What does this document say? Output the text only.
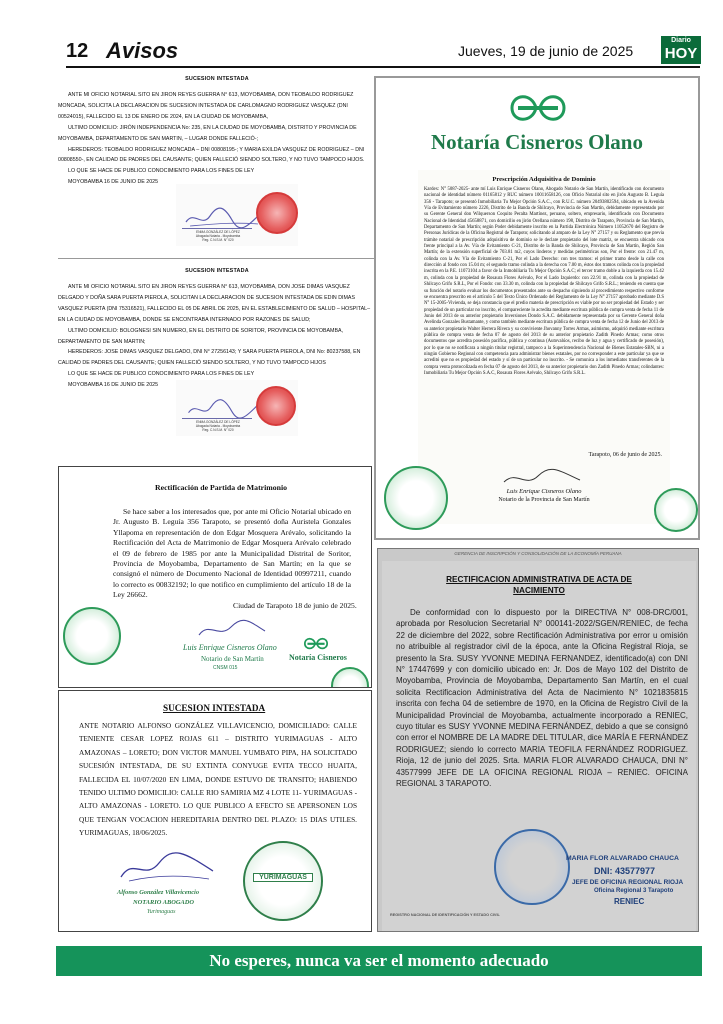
12 Avisos	Jueves, 19 de junio de 2025
Diario
HOY
SUCESION INTESTADA

ANTE MI OFICIO NOTARIAL SITO EN JIRON REYES GUERRA N° 613, MOYOBAMBA, DON TEOBALDO RODRIGUEZ MONCADA, SOLICITA LA DECLARACION DE SUCESION INTESTADA DE CARLOMAGNO RODRIGUEZ VASQUEZ (DNI 00524015), FALLECIDO EL 13 DE ENERO DE 2024, EN LA CIUDAD DE MOYOBAMBA,

ULTIMO DOMICILIO: JIRÓN INDEPENDENCIA No: 235, EN LA CIUDAD DE MOYOBAMBA, DISTRITO Y PROVINCIA DE MOYOBAMBA, DEPARTAMENTO DE SAN MARTIN, – LUGAR DONDE FALLECIÓ-;

HEREDEROS: TEOBALDO RODRIGUEZ MONCADA – DNI 00808195-; Y MARIA EXILDA VASQUEZ DE RODRIGUEZ – DNI 00808550-, EN CALIDAD DE PADRES DEL CAUSANTE; QUIEN FALLECIÓ SIENDO SOLTERO, Y NO TUVO TAMPOCO HIJOS.

LO QUE SE HACE DE PUBLICO CONOCIMIENTO PARA LOS FINES DE LEY

MOYOBAMBA 16 DE JUNIO DE 2025

ENMA GONZÁLEZ DE LÓPEZ
Abogada Notaria - Moyobamba
Reg. C.N.S.M. N° 020
SUCESION INTESTADA

ANTE MI OFICIO NOTARIAL SITO EN JIRON REYES GUERRA N° 613, MOYOBAMBA, DON JOSE DIMAS VASQUEZ DELGADO Y DOÑA SARA PUERTA PIEROLA, SOLICITAN LA DECLARACION DE SUCESION INTESTADA DE EDIN DIMAS VASQUEZ PUERTA (DNI 75316521), FALLECIDO EL 05 DE ABRIL DE 2025, EN EL ESTABLECIMIENTO DE SALUD – HOSPITAL– EN LA CIUDAD DE MOYOBAMBA, DONDE SE ENCONTRABA INTERNADO POR RAZONES DE SALUD;

ULTIMO DOMICILIO: BOLOGNESI SIN NUMERO, EN EL DISTRITO DE SORITOR, PROVINCIA DE MOYOBAMBA, DEPARTAMENTO DE SAN MARTIN;

HEREDEROS: JOSE DIMAS VASQUEZ DELGADO, DNI N° 27256143; Y SARA PUERTA PIEROLA, DNI No: 80237588, EN CALIDAD DE PADRES DEL CAUSANTE; QUIEN FALLECIÓ SIENDO SOLTERO, Y NO TUVO TAMPOCO HIJOS

LO QUE SE HACE DE PUBLICO CONOCIMIENTO PARA LOS FINES DE LEY

MOYOBAMBA 16 DE JUNIO DE 2025

ENMA GONZÁLEZ DE LÓPEZ
Abogada Notaria - Moyobamba
Reg. C.N.S.M. N° 020
Notaría Cisneros Olano
Prescripción Adquisitiva de Dominio
Kardex: N° 5087-2025- ante mí Luis Enrique Cisneros Olano, Abogado Notario de San Martín, identificado con documento nacional de identidad número 01165812 y RUC número 10011658126, con Oficio Notarial sito en jirón Augusto B. Leguía 356 - Tarapoto; se presentó Inmobiliaria Tu Mejor Opción S.A.C., con R.U.C. número 20493802594, ubicado en la Avenida Vía de Evitamiento número 2226, Distrito de la Banda de Shilcayo, Provincia de San Martín, debidamente representado por su Gerente General don Wilquerson Coquito Peralta Martínez, peruano, soltero, empresario, identificado con Documento Nacional de Identidad 45658871, con domicilio en jirón Orellana número 198, Distrito de Tarapoto, Provincia de San Martín, Departamento de San Martín; según Poder debidamente inscrito en la Partida Electrónica Número 11052670 del Registro de Personas Jurídicas de la Oficina Registral de Tarapoto; solicitando al amparo de la Ley N° 27157 y su Reglamento que previa trámite notarial de prescripción adquisitiva de dominio se le declare propietario del lote matriz, se encuentra ubicado con frente principal a la Av. Vía de Evitamiento C-21, Distrito de la Banda de Shilcayo, Provincia de San Martín, Región San Martín; de la extensión superficial de 703.81 m2, cuyos linderos y medidas perimétricas son, Por el frente: con 21.47 m, colinda con la Av. Vía de Evitamiento C-21, Por el Lado Derecho: con tres tramos: el primer tramo desde la calle con dirección al fondo con 15.04 m; el segundo tramo colinda a la derecha con 7.00 m, éstos dos tramos colinda con la propiedad inscrita en la P.E. 11073104 a favor de la Inmobiliaria Tu Mejor Opción S.A.C; el tercer tramo doble a la izquierda con 15.42 m, colinda con la propiedad de Rosaura Flores Arévalo, Por el Lado Izquierdo: con 22.91 m, colinda con la propiedad de Shilcayo Grifo S.R.L, Por el Fondo: con 33.30 m, colinda con la propiedad de Shilcayo Grifo S.R.L.; teniendo en cuenta que su función del notario evaluar los documentos presentados ante su despacho siguiendo al procedimiento respectivo conforme se encuentra prescrito en el artículo 5 del Texto Único Ordenado del Reglamento de la Ley N° 27157 aprobado mediante D.S N° 15-2005-Vivienda, se deja constancia que el predio materia de prescripción es viable por no ser propiedad del Estado y ser propiedad de un particular no inscrito, el compareciente lo acredita mediante escritura pública de compra venta de fecha 11 de Junio del 2013 de su anterior propietario Inversiones Dondo S.A.C. debidamente representada por su Gerente General doña Avelinda Gonzales Bustamante, y como también mediante escritura pública de compra venta de fecha 12 de Junio del 2013 de su anterior propietario Walter Herrera Rivera y su conviviente Jhovanny Torres Armas, asimismo, adquirió mediante escritura pública de compra venta de fecha 07 de agosto del 2013 de su anterior propietario Zadith Pinedo Armas; como otros documentos que acredita posesión pacífica, pública y continua (Autovalúos, recibo de luz y agua y certificado de posesión), por lo que no se notificara a ningún titular registral, tampoco a la Superintendencia Nacional de Bienes Estatales-SBN, ni a ningún Gobierno Regional con competencia para administrar bienes estatales, por no corresponder a este particular ya que se acreditó que no es propiedad del estado y sí de un particular no inscrito. - Se comunica a los inmediatos transferentes de la compra venta protocolizada en fecha 07 de agosto del 2013, de su anterior propietario don Zadith Pinedo Armas; colindantes: Inmobiliaria Tu Mejor Opción S.A.C, Rosaura Flores Arévalo, Shilcayo Grifo S.R.L.
Tarapoto, 06 de junio de 2025.
Luis Enrique Cisneros Olano
Notario de la Provincia de San Martín
Rectificación de Partida de Matrimonio
Se hace saber a los interesados que, por ante mi Oficio Notarial ubicado en Jr. Augusto B. Leguía 356 Tarapoto, se presentó doña Auristela Gonzales Yllapoma en representación de don Edgar Mosquera Arévalo, solicitando la Rectificación del Acta de Matrimonio de Edgar Mosquera Arévalo celebrado el 09 de febrero de 1985 por ante la Municipalidad Distrital de Soritor, Provincia de Moyobamba, Departamento de San Martín; en la que se consignó el número de Documento Nacional de Identidad 00997211, cuando lo correcto es 00832192; lo que notifico en cumplimiento del artículo 18 de la Ley 26662.
Ciudad de Tarapoto 18 de junio de 2025.
Luis Enrique Cisneros Olano
Notario de San Martín
CNSM 015
Notaría Cisneros
SUCESION INTESTADA
ANTE NOTARIO ALFONSO GONZÁLEZ VILLAVICENCIO, DOMICILIADO: CALLE TENIENTE CESAR LOPEZ ROJAS 611 – DISTRITO YURIMAGUAS - ALTO AMAZONAS – LORETO; DON VICTOR MANUEL YUMBATO PIPA, HA SOLICITADO SUCESIÓN INTESTADA, DE SU EXTINTA CONYUGE EVITA TECCO HUAITA, FALLECIDA EL 10/07/2020 EN LIMA, DONDE ESTUVO DE TRANSITO; HABIENDO TENIDO ULTIMO DOMICILIO: CALLE RIO SAMIRIA MZ 4 LOTE 11- YURIMAGUAS - ALTO AMAZONAS - LORETO. LO QUE PUBLICO A EFECTO SE APERSONEN LOS QUE TENGAN VOCACION HEREDITARIA DENTRO DEL PLAZO: 15 DIAS UTILES. YURIMAGUAS, 18/06/2025.
Alfonso González Villavicencio
NOTARIO ABOGADO
Yurimaguas
YURIMAGUAS
GERENCIA DE INSCRIPCIÓN Y CONSOLIDACIÓN DE LA ECONOMÍA PERUANA
RECTIFICACION ADMINISTRATIVA DE ACTA DE
NACIMIENTO
De conformidad con lo dispuesto por la DIRECTIVA N° 008-DRC/001, aprobada por Resolucion Secretarial N° 000141-2022/SGEN/RENIEC, de fecha 22 de diciembre del 2022, sobre Rectificación Administrativa por error u omisión no atribuible al registrador civil de la época, ante la Oficina Registral Rioja, se presento la Sra. SUSY YVONNE MEDINA FERNANDEZ, identificado(a) con DNI N° 17447699 y con domicilio ubicado en: Jr. Dos de Mayo 102 del Distrito de Moyobamba, Provincia de Moyobamba, Departamento San Martín, en el cual solicita Rectificacion Administrativa del Acta de Nacimiento N° 1021835815 inscrita con fecha 04 de setiembre de 1970, en la Oficina de Registro Civil de la Municipalidad Provincial de Moyobamba, actualmente incorporado a RENIEC, cuyo titular es SUSY YVONNE MEDINA FERNÁNDEZ, debido a que se consignó con error el NOMBRE DE LA MADRE DEL TITULAR, dice MARÍA E FERNÁNDEZ RODRIGUEZ; siendo lo correcto MARIA TEOFILA FERNÁNDEZ RODRIGUEZ. Rioja, 12 de junio del 2025. Srta. MARIA FLOR ALVARADO CHAUCA, DNI N° 43577999 JEFE DE LA OFICINA REGIONAL RIOJA – RENIEC. OFICINA REGIONAL 3 TARAPOTO.
MARIA FLOR ALVARADO CHAUCA
DNI: 43577977
JEFE DE OFICINA REGIONAL RIOJA
Oficina Regional 3 Tarapoto
RENIEC
REGISTRO NACIONAL DE IDENTIFICACIÓN Y ESTADO CIVIL
No esperes, nunca va ser el momento adecuado
